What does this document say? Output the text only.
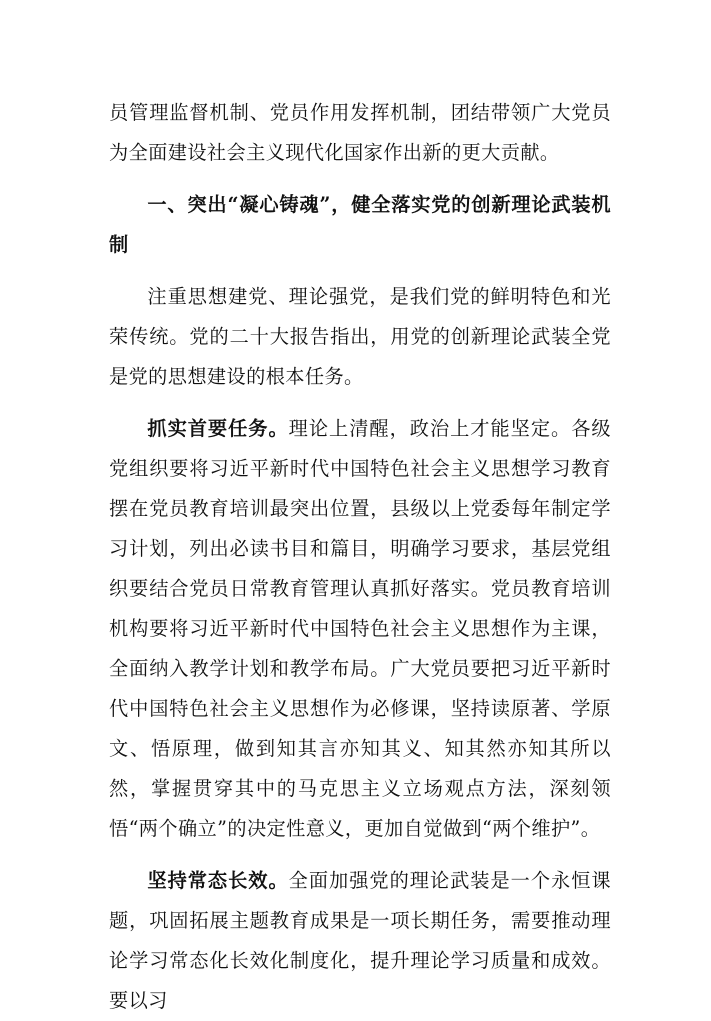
员管理监督机制、党员作用发挥机制，团结带领广大党员为全面建设社会主义现代化国家作出新的更大贡献。

一、突出“凝心铸魂”，健全落实党的创新理论武装机制

注重思想建党、理论强党，是我们党的鲜明特色和光荣传统。党的二十大报告指出，用党的创新理论武装全党是党的思想建设的根本任务。

抓实首要任务。理论上清醒，政治上才能坚定。各级党组织要将习近平新时代中国特色社会主义思想学习教育摆在党员教育培训最突出位置，县级以上党委每年制定学习计划，列出必读书目和篇目，明确学习要求，基层党组织要结合党员日常教育管理认真抓好落实。党员教育培训机构要将习近平新时代中国特色社会主义思想作为主课，全面纳入教学计划和教学布局。广大党员要把习近平新时代中国特色社会主义思想作为必修课，坚持读原著、学原文、悟原理，做到知其言亦知其义、知其然亦知其所以然，掌握贯穿其中的马克思主义立场观点方法，深刻领悟“两个确立”的决定性意义，更加自觉做到“两个维护”。

坚持常态长效。全面加强党的理论武装是一个永恒课题，巩固拓展主题教育成果是一项长期任务，需要推动理论学习常态化长效化制度化，提升理论学习质量和成效。要以习
